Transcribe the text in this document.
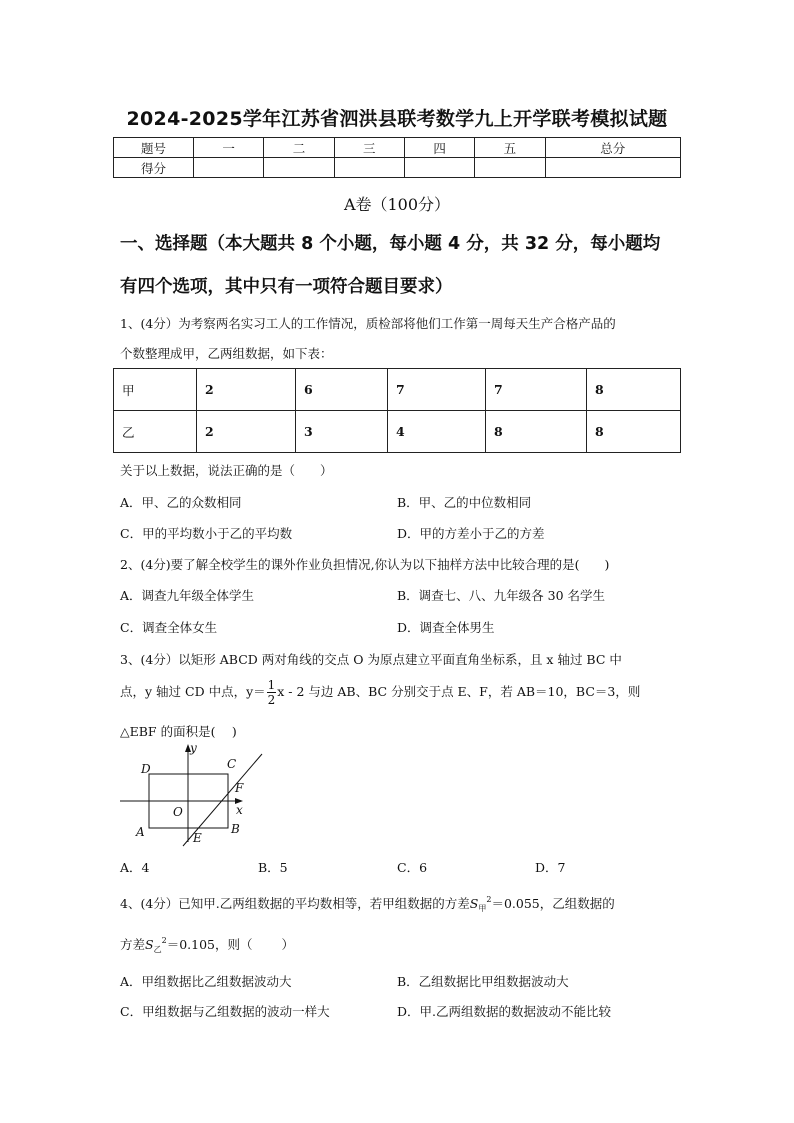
2024-2025学年江苏省泗洪县联考数学九上开学联考模拟试题
题号	一	二	三	四	五	总分
得分						
A卷（100分）
一、选择题（本大题共 8 个小题，每小题 4 分，共 32 分，每小题均
有四个选项，其中只有一项符合题目要求）
1、(4分）为考察两名实习工人的工作情况，质检部将他们工作第一周每天生产合格产品的
个数整理成甲，乙两组数据，如下表：
甲	2	6	7	7	8
乙	2	3	4	8	8
关于以上数据，说法正确的是（　　）
A．甲、乙的众数相同	B．甲、乙的中位数相同
C．甲的平均数小于乙的平均数	D．甲的方差小于乙的方差
2、(4分)要了解全校学生的课外作业负担情况,你认为以下抽样方法中比较合理的是(　　)
A．调查九年级全体学生	B．调查七、八、九年级各 30 名学生
C．调查全体女生	D．调查全体男生
3、(4分）以矩形 ABCD 两对角线的交点 O 为原点建立平面直角坐标系，且 x 轴过 BC 中
点，y 轴过 CD 中点，$y= \frac{1}{2}$ x - 2 与边 AB、BC 分别交于点 E、F，若 AB＝10，BC＝3，则
△EBF 的面积是(　 )
y
x
D	C
F
O
A	E
B
A．4	B．5	C．6	D．7
4、(4分）已知甲.乙两组数据的平均数相等，若甲组数据的方差$S_甲^2=0.055$，乙组数据的
方差$S_乙^2=0.105$，则（　　 ）
A．甲组数据比乙组数据波动大	B．乙组数据比甲组数据波动大
C．甲组数据与乙组数据的波动一样大	D．甲.乙两组数据的数据波动不能比较
